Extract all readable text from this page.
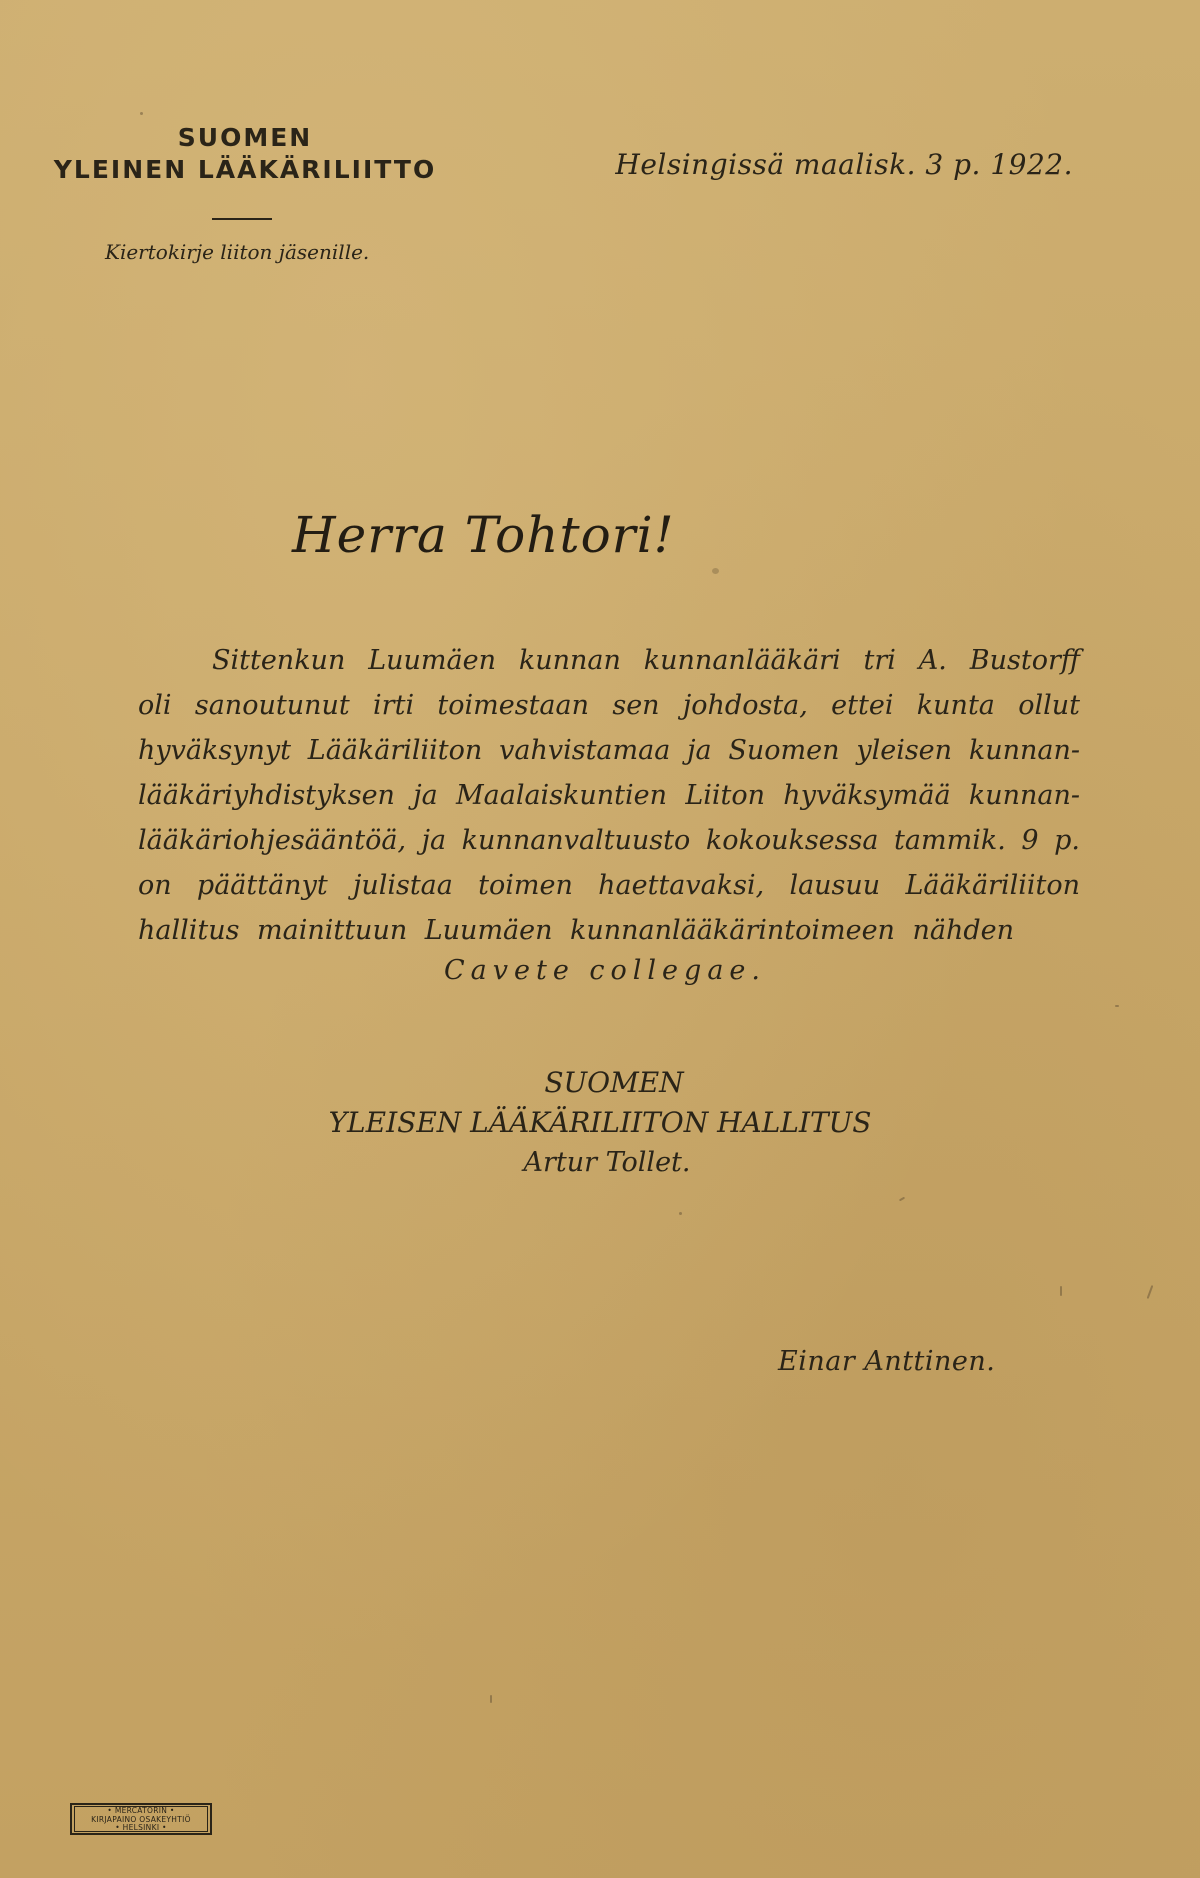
SUOMEN
YLEINEN LÄÄKÄRILIITTO
Kiertokirje liiton jäsenille.
Helsingissä maalisk. 3 p. 1922.
Herra Tohtori!
Sittenkun Luumäen kunnan kunnanlääkäri tri A. Bustorff
oli sanoutunut irti toimestaan sen johdosta, ettei kunta ollut
hyväksynyt Lääkäriliiton vahvistamaa ja Suomen yleisen kunnan-
lääkäriyhdistyksen ja Maalaiskuntien Liiton hyväksymää kunnan-
lääkäriohjesääntöä, ja kunnanvaltuusto kokouksessa tammik. 9 p.
on päättänyt julistaa toimen haettavaksi, lausuu Lääkäriliiton
hallitus mainittuun Luumäen kunnanlääkärintoimeen nähden
Cavete collegae.
SUOMEN
YLEISEN LÄÄKÄRILIITON HALLITUS
Artur Tollet.
Einar Anttinen.
• MERCATORIN •
KIRJAPAINO OSAKEYHTIÖ
• HELSINKI •
